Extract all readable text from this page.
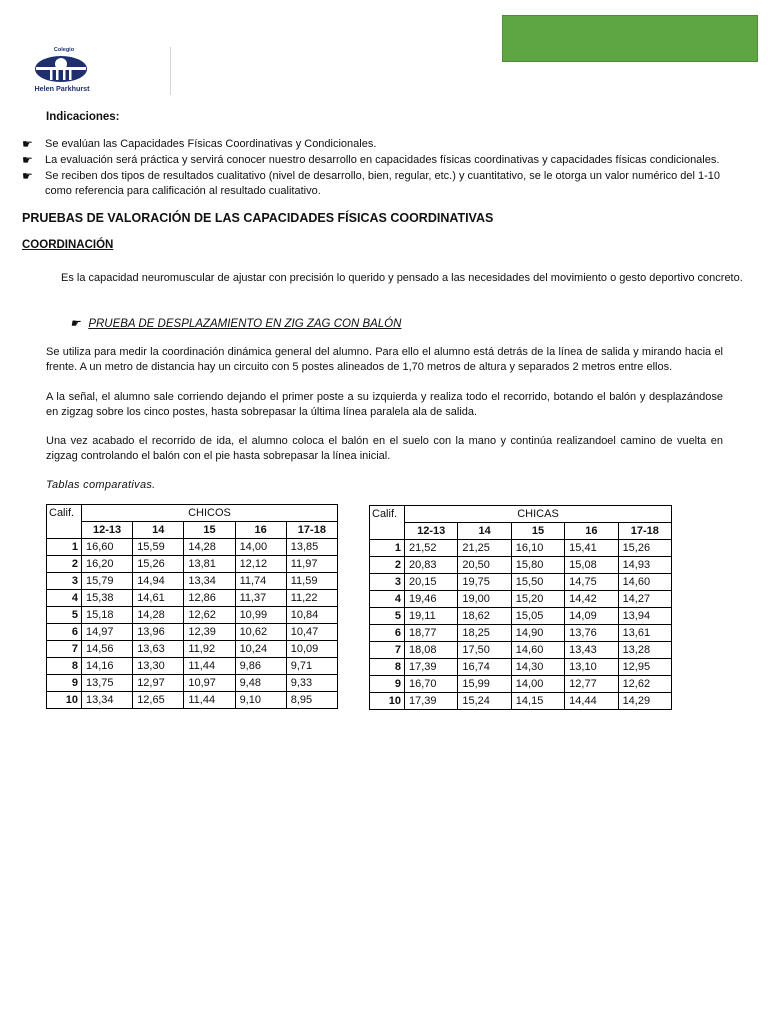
Colegio
Helen Parkhurst
Indicaciones:
☛ Se evalúan las Capacidades Físicas Coordinativas y Condicionales.
☛ La evaluación será práctica y servirá conocer nuestro desarrollo en capacidades físicas coordinativas y capacidades físicas condicionales.
☛ Se reciben dos tipos de resultados cualitativo (nivel de desarrollo, bien, regular, etc.) y cuantitativo, se le otorga un valor numérico del 1-10 como referencia para calificación al resultado cualitativo.
PRUEBAS DE VALORACIÓN DE LAS CAPACIDADES FÍSICAS COORDINATIVAS
COORDINACIÓN
Es la capacidad neuromuscular de ajustar con precisión lo querido y pensado a las necesidades del movimiento o gesto deportivo concreto.
☛ PRUEBA DE DESPLAZAMIENTO EN ZIG ZAG CON BALÓN
Se utiliza para medir la coordinación dinámica general del alumno. Para ello el alumno está detrás de la línea de salida y mirando hacia el frente. A un metro de distancia hay un circuito con 5 postes alineados de 1,70 metros de altura y separados 2 metros entre ellos.
A la señal, el alumno sale corriendo dejando el primer poste a su izquierda y realiza todo el recorrido, botando el balón y desplazándose en zigzag sobre los cinco postes, hasta sobrepasar la última línea paralela ala de salida.
Una vez acabado el recorrido de ida, el alumno coloca el balón en el suelo con la mano y continúa realizandoel camino de vuelta en zigzag controlando el balón con el pie hasta sobrepasar la línea inicial.
Tablas comparativas.
Calif.	CHICOS				
	12-13	14	15	16	17-18
1	16,60	15,59	14,28	14,00	13,85
2	16,20	15,26	13,81	12,12	11,97
3	15,79	14,94	13,34	11,74	11,59
4	15,38	14,61	12,86	11,37	11,22
5	15,18	14,28	12,62	10,99	10,84
6	14,97	13,96	12,39	10,62	10,47
7	14,56	13,63	11,92	10,24	10,09
8	14,16	13,30	11,44	9,86	9,71
9	13,75	12,97	10,97	9,48	9,33
10	13,34	12,65	11,44	9,10	8,95
Calif.	CHICAS				
	12-13	14	15	16	17-18
1	21,52	21,25	16,10	15,41	15,26
2	20,83	20,50	15,80	15,08	14,93
3	20,15	19,75	15,50	14,75	14,60
4	19,46	19,00	15,20	14,42	14,27
5	19,11	18,62	15,05	14,09	13,94
6	18,77	18,25	14,90	13,76	13,61
7	18,08	17,50	14,60	13,43	13,28
8	17,39	16,74	14,30	13,10	12,95
9	16,70	15,99	14,00	12,77	12,62
10	17,39	15,24	14,15	14,44	14,29
